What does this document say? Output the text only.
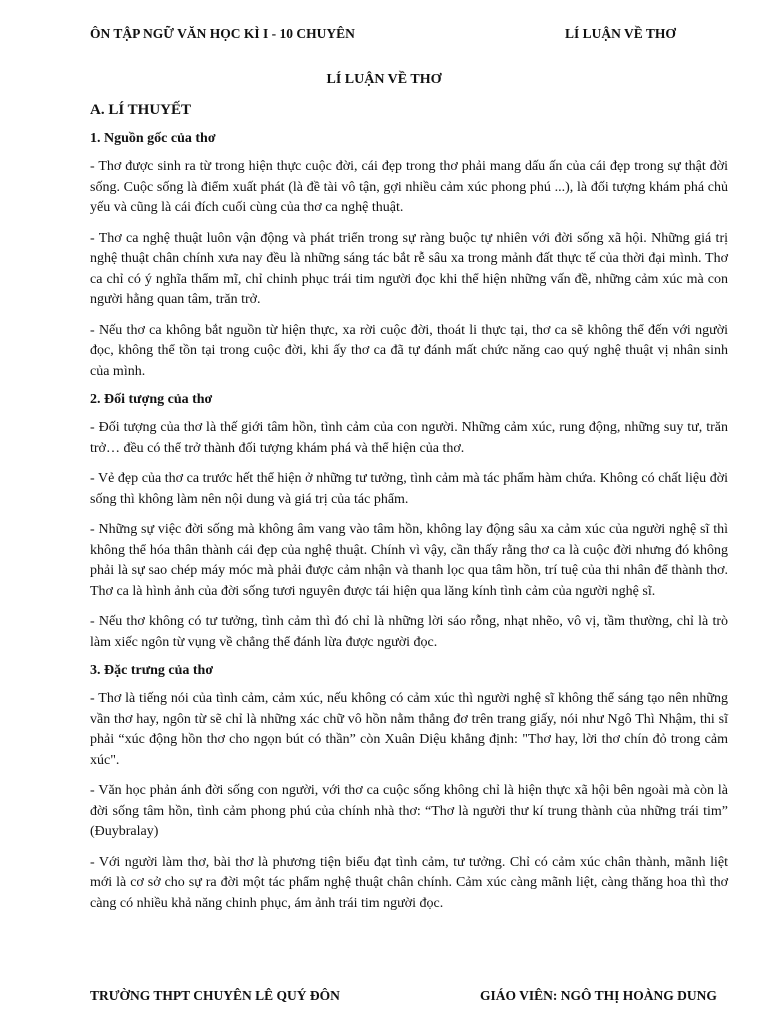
ÔN TẬP NGỮ VĂN HỌC KÌ I - 10 CHUYÊN	LÍ LUẬN VỀ THƠ
LÍ LUẬN VỀ THƠ
A. LÍ THUYẾT
1. Nguồn gốc của thơ

- Thơ được sinh ra từ trong hiện thực cuộc đời, cái đẹp trong thơ phải mang dấu ấn của cái đẹp trong sự thật đời sống. Cuộc sống là điểm xuất phát (là đề tài vô tận, gợi nhiều cảm xúc phong phú ...), là đối tượng khám phá chủ yếu và cũng là cái đích cuối cùng của thơ ca nghệ thuật.

- Thơ ca nghệ thuật luôn vận động và phát triển trong sự ràng buộc tự nhiên với đời sống xã hội. Những giá trị nghệ thuật chân chính xưa nay đều là những sáng tác bắt rễ sâu xa trong mảnh đất thực tế của thời đại mình. Thơ ca chỉ có ý nghĩa thẩm mĩ, chỉ chinh phục trái tim người đọc khi thể hiện những vấn đề, những cảm xúc mà con người hằng quan tâm, trăn trở.

- Nếu thơ ca không bắt nguồn từ hiện thực, xa rời cuộc đời, thoát li thực tại, thơ ca sẽ không thể đến với người đọc, không thể tồn tại trong cuộc đời, khi ấy thơ ca đã tự đánh mất chức năng cao quý nghệ thuật vị nhân sinh của mình.

2. Đối tượng của thơ

- Đối tượng của thơ là thế giới tâm hồn, tình cảm của con người. Những cảm xúc, rung động, những suy tư, trăn trở… đều có thể trở thành đối tượng khám phá và thể hiện của thơ.

- Vẻ đẹp của thơ ca trước hết thể hiện ở những tư tưởng, tình cảm mà tác phẩm hàm chứa. Không có chất liệu đời sống thì không làm nên nội dung và giá trị của tác phẩm.

- Những sự việc đời sống mà không âm vang vào tâm hồn, không lay động sâu xa cảm xúc của người nghệ sĩ thì không thể hóa thân thành cái đẹp của nghệ thuật. Chính vì vậy, cần thấy rằng thơ ca là cuộc đời nhưng đó không phải là sự sao chép máy móc mà phải được cảm nhận và thanh lọc qua tâm hồn, trí tuệ của thi nhân để thành thơ. Thơ ca là hình ảnh của đời sống tươi nguyên được tái hiện qua lăng kính tình cảm của người nghệ sĩ.

- Nếu thơ không có tư tưởng, tình cảm thì đó chỉ là những lời sáo rỗng, nhạt nhẽo, vô vị, tầm thường, chỉ là trò làm xiếc ngôn từ vụng về chẳng thể đánh lừa được người đọc.

3. Đặc trưng của thơ

- Thơ là tiếng nói của tình cảm, cảm xúc, nếu không có cảm xúc thì người nghệ sĩ không thể sáng tạo nên những vần thơ hay, ngôn từ sẽ chỉ là những xác chữ vô hồn nằm thẳng đơ trên trang giấy, nói như Ngô Thì Nhậm, thi sĩ phải “xúc động hồn thơ cho ngọn bút có thần” còn Xuân Diệu khẳng định: "Thơ hay, lời thơ chín đỏ trong cảm xúc".

- Văn học phản ánh đời sống con người, với thơ ca cuộc sống không chỉ là hiện thực xã hội bên ngoài mà còn là đời sống tâm hồn, tình cảm phong phú của chính nhà thơ: “Thơ là người thư kí trung thành của những trái tim” (Đuybralay)

- Với người làm thơ, bài thơ là phương tiện biểu đạt tình cảm, tư tưởng. Chỉ có cảm xúc chân thành, mãnh liệt mới là cơ sở cho sự ra đời một tác phẩm nghệ thuật chân chính. Cảm xúc càng mãnh liệt, càng thăng hoa thì thơ càng có nhiều khả năng chinh phục, ám ảnh trái tim người đọc.

TRƯỜNG THPT CHUYÊN LÊ QUÝ ĐÔN	GIÁO VIÊN: NGÔ THỊ HOÀNG DUNG
